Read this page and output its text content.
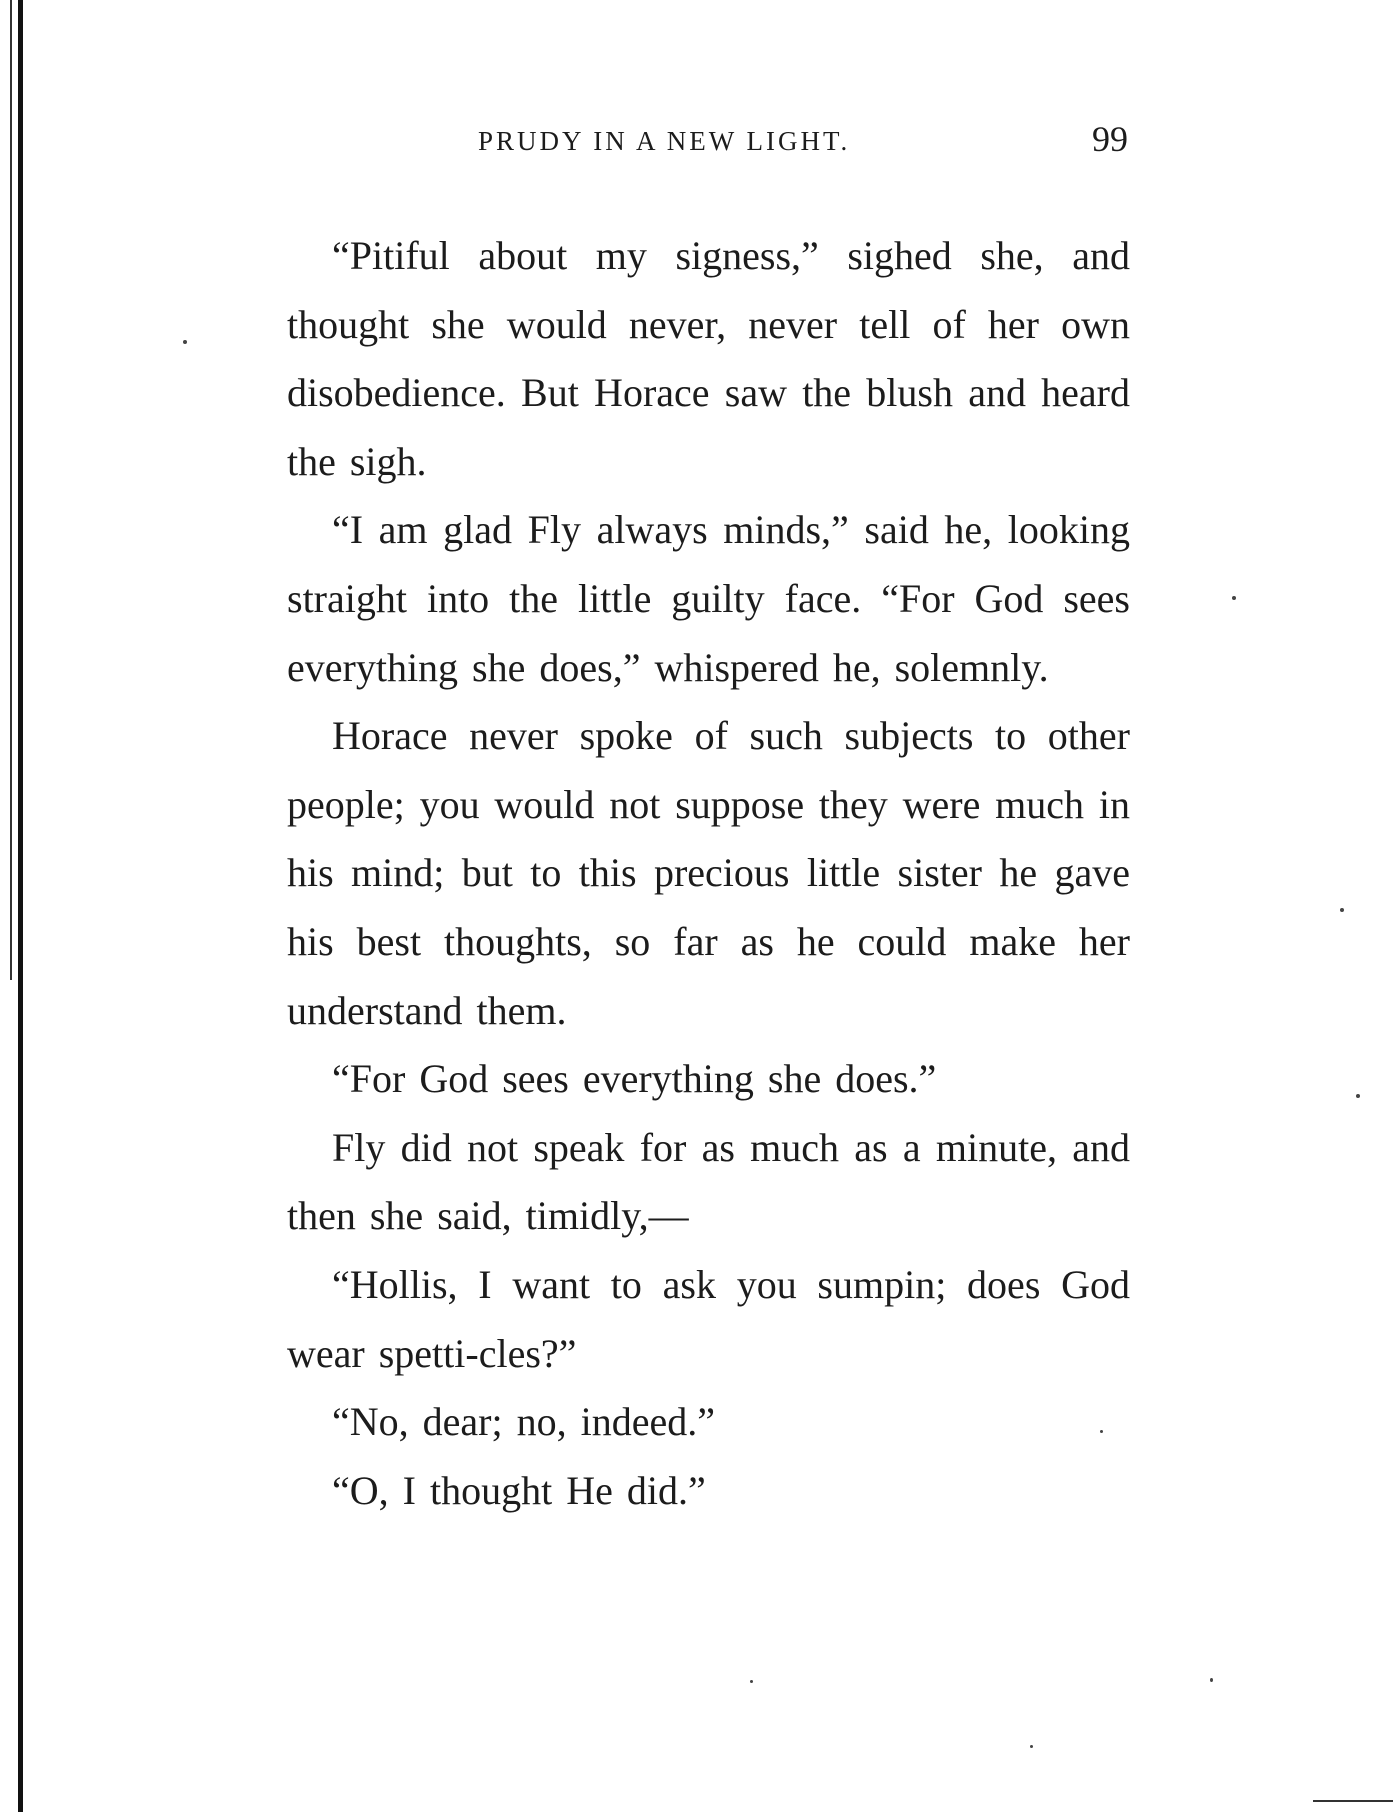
PRUDY IN A NEW LIGHT.	99

“Pitiful about my signess,” sighed she, and thought she would never, never tell of her own disobedience. But Horace saw the blush and heard the sigh.

“I am glad Fly always minds,” said he, looking straight into the little guilty face. “For God sees everything she does,” whispered he, solemnly.

Horace never spoke of such subjects to other people; you would not suppose they were much in his mind; but to this precious little sister he gave his best thoughts, so far as he could make her understand them.

“For God sees everything she does.”

Fly did not speak for as much as a minute, and then she said, timidly,—

“Hollis, I want to ask you sumpin; does God wear spetti-cles?”

“No, dear; no, indeed.”

“O, I thought He did.”
